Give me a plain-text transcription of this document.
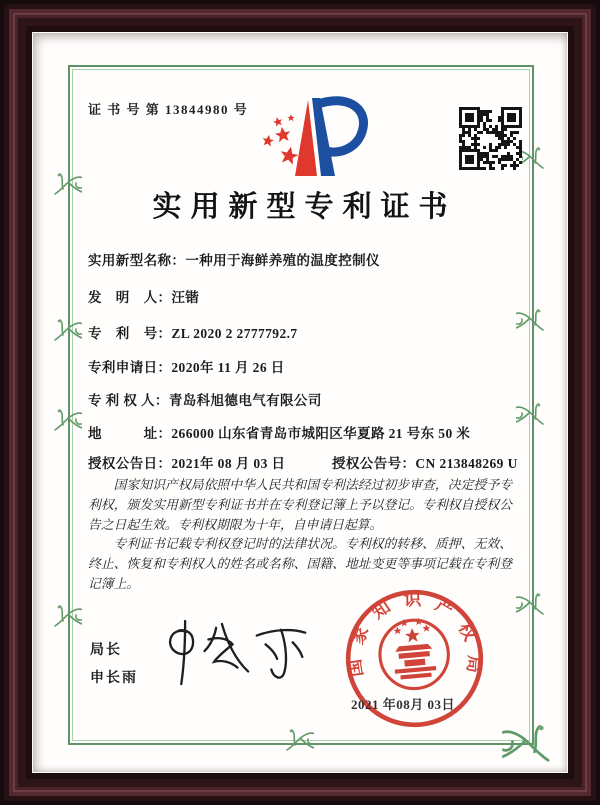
证 书 号 第 13844980 号
实用新型专利证书
实用新型名称：一种用于海鲜养殖的温度控制仪
发　明　人：汪锴
专　利　号：ZL 2020 2 2777792.7
专利申请日：2020年 11 月 26 日
专 利 权 人：青岛科旭德电气有限公司
地　　　址：266000 山东省青岛市城阳区华夏路 21 号东 50 米
授权公告日：2021年 08 月 03 日	授权公告号：CN 213848269 U

国家知识产权局依照中华人民共和国专利法经过初步审查，决定授予专利权，颁发实用新型专利证书并在专利登记簿上予以登记。专利权自授权公告之日起生效。专利权期限为十年，自申请日起算。

专利证书记载专利权登记时的法律状况。专利权的转移、质押、无效、终止、恢复和专利权人的姓名或名称、国籍、地址变更等事项记载在专利登记簿上。

局长
申长雨
国家知识产权局
2021 年08月 03日
